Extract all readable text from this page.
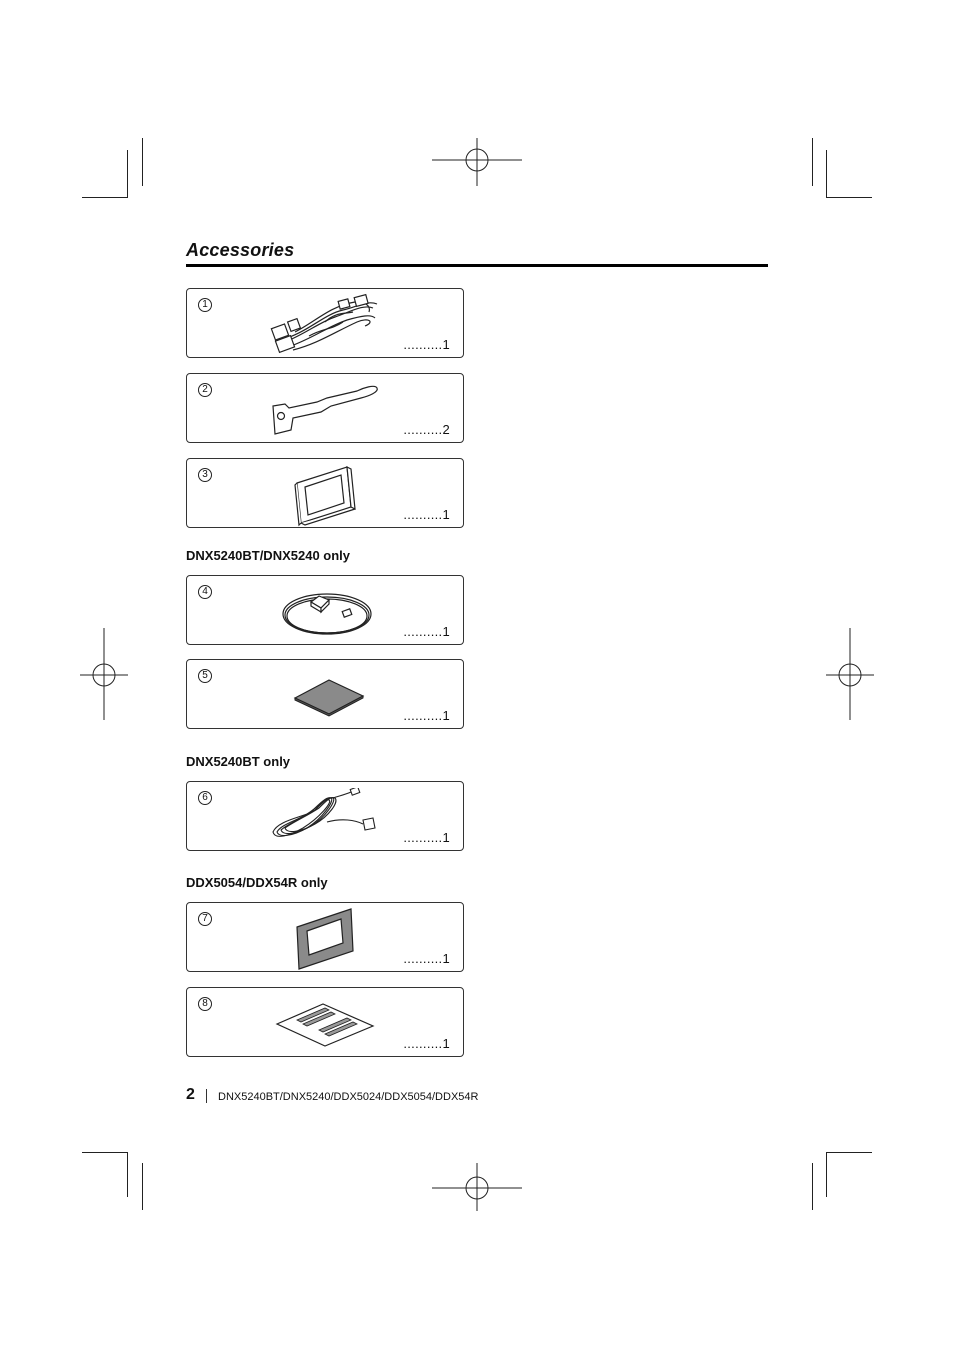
Accessories
1
..........1
2
..........2
3
..........1
DNX5240BT/DNX5240 only
4
..........1
5
..........1
DNX5240BT only
6
..........1
DDX5054/DDX54R only
7
..........1
8
..........1
2 DNX5240BT/DNX5240/DDX5024/DDX5054/DDX54R
